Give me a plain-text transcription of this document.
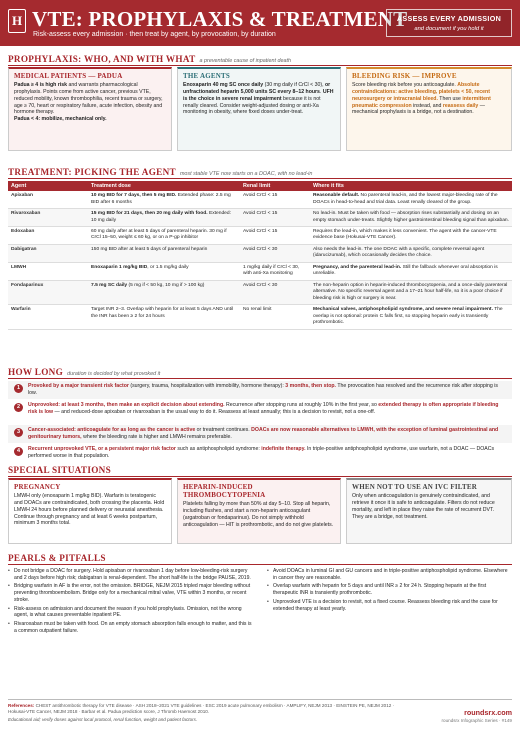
H VTE: PROPHYLAXIS & TREATMENT
Risk-assess every admission · then treat by agent, by provocation, by duration
ASSESS EVERY ADMISSION
and document if you hold it
PROPHYLAXIS: WHO, AND WITH WHAT a preventable cause of inpatient death
MEDICAL PATIENTS — PADUA
Padua ≥ 4 is high risk and warrants pharmacological prophylaxis. Points come from active cancer, previous VTE, reduced mobility, known thrombophilia, recent trauma or surgery, age ≥ 70, heart or respiratory failure, acute infection, obesity and hormone therapy.
Padua < 4: mobilize, mechanical only.
THE AGENTS
Enoxaparin 40 mg SC once daily (30 mg daily if CrCl < 30), or unfractionated heparin 5,000 units SC every 8–12 hours. UFH is the choice in severe renal impairment because it is not renally cleared. Consider weight-adjusted dosing or anti-Xa monitoring in obesity, where fixed doses under-treat.
BLEEDING RISK — IMPROVE
Score bleeding risk before you anticoagulate. Absolute contraindications: active bleeding, platelets < 50, recent neurosurgery or intracranial bleed. Then use intermittent pneumatic compression instead, and reassess daily — mechanical prophylaxis is a bridge, not a destination.
TREATMENT: PICKING THE AGENT most stable VTE now starts on a DOAC, with no lead-in
Agent	Treatment dose	Renal limit	Where it fits
Apixaban	10 mg BID for 7 days, then 5 mg BID. Extended phase: 2.5 mg BID after 6 months	Avoid CrCl < 15	Reasonable default. No parenteral lead-in, and the lowest major-bleeding rate of the DOACs in head-to-head and trial data. Least renally cleared of the group.
Rivaroxaban	15 mg BID for 21 days, then 20 mg daily with food. Extended: 10 mg daily	Avoid CrCl < 15	No lead-in. Must be taken with food — absorption rises substantially and dosing on an empty stomach under-treats. Slightly higher gastrointestinal bleeding signal than apixaban.
Edoxaban	60 mg daily after at least 5 days of parenteral heparin. 30 mg if CrCl 15–50, weight ≤ 60 kg, or on a P-gp inhibitor	Avoid CrCl < 15	Requires the lead-in, which makes it less convenient. The agent with the cancer-VTE evidence base (Hokusai-VTE Cancer).
Dabigatran	150 mg BID after at least 5 days of parenteral heparin	Avoid CrCl < 30	Also needs the lead-in. The one DOAC with a specific, complete reversal agent (idarucizumab), which occasionally decides the choice.
LMWH	Enoxaparin 1 mg/kg BID, or 1.5 mg/kg daily	1 mg/kg daily if CrCl < 30, with anti-Xa monitoring	Pregnancy, and the parenteral lead-in. Still the fallback whenever oral absorption is unreliable.
Fondaparinux	7.5 mg SC daily (5 mg if < 50 kg, 10 mg if > 100 kg)	Avoid CrCl < 30	The non-heparin option in heparin-induced thrombocytopenia, and a once-daily parenteral alternative. No specific reversal agent and a 17–21 hour half-life, so it is a poor choice if bleeding risk is high or surgery is near.
Warfarin	Target INR 2–3. Overlap with heparin for at least 5 days AND until the INR has been ≥ 2 for 24 hours	No renal limit	Mechanical valves, antiphospholipid syndrome, and severe renal impairment. The overlap is not optional: protein C falls first, so stopping heparin early is transiently prothrombotic.
HOW LONG duration is decided by what provoked it
1	Provoked by a major transient risk factor (surgery, trauma, hospitalization with immobility, hormone therapy): 3 months, then stop. The provocation has resolved and the recurrence risk after stopping is low.
2	Unprovoked: at least 3 months, then make an explicit decision about extending. Recurrence after stopping runs at roughly 10% in the first year, so extended therapy is often appropriate if bleeding risk is low — and reduced-dose apixaban or rivaroxaban is the usual way to do it. Reassess at least annually; this is a decision to revisit, not a one-off.
3	Cancer-associated: anticoagulate for as long as the cancer is active or treatment continues. DOACs are now reasonable alternatives to LMWH, with the exception of luminal gastrointestinal and genitourinary tumors, where the bleeding rate is higher and LMWH remains preferable.
4	Recurrent unprovoked VTE, or a persistent major risk factor such as antiphospholipid syndrome: indefinite therapy. In triple-positive antiphospholipid syndrome, use warfarin, not a DOAC — DOACs performed worse in that population.
SPECIAL SITUATIONS
PREGNANCY
LMWH only (enoxaparin 1 mg/kg BID). Warfarin is teratogenic and DOACs are contraindicated, both crossing the placenta. Hold LMWH 24 hours before planned delivery or neuraxial anesthesia. Continue through pregnancy and at least 6 weeks postpartum, minimum 3 months total.
HEPARIN-INDUCED THROMBOCYTOPENIA
Platelets falling by more than 50% at day 5–10. Stop all heparin, including flushes, and start a non-heparin anticoagulant (argatroban or fondaparinux). Do not simply withhold anticoagulation — HIT is prothrombotic, and do not give platelets.
WHEN NOT TO USE AN IVC FILTER
Only when anticoagulation is genuinely contraindicated, and retrieve it once it is safe to anticoagulate. Filters do not reduce mortality, and left in place they raise the rate of recurrent DVT. They are a bridge, not treatment.
PEARLS & PITFALLS
• Do not bridge a DOAC for surgery. Hold apixaban or rivaroxaban 1 day before low-bleeding-risk surgery and 2 days before high risk; dabigatran is renal-dependent. The short half-life is the bridge PAUSE, 2019.
• Bridging warfarin in AF is the error, not the omission. BRIDGE, NEJM 2015 tripled major bleeding without preventing thromboembolism. Bridge only for a mechanical mitral valve, VTE within 3 months, or recent stroke.
• Risk-assess on admission and document the reason if you hold prophylaxis. Omission, not the wrong agent, is what causes preventable inpatient PE.
• Rivaroxaban must be taken with food. On an empty stomach absorption falls enough to matter, and this is a common outpatient failure.
• Avoid DOACs in luminal GI and GU cancers and in triple-positive antiphospholipid syndrome. Elsewhere in cancer they are reasonable.
• Overlap warfarin with heparin for 5 days and until INR ≥ 2 for 24 h. Stopping heparin at the first therapeutic INR is transiently prothrombotic.
• Unprovoked VTE is a decision to revisit, not a fixed course. Reassess bleeding risk and the case for extended therapy at least yearly.
References: CHEST antithrombotic therapy for VTE disease · ASH 2018–2021 VTE guidelines · ESC 2019 acute pulmonary embolism · AMPLIFY, NEJM 2013 · EINSTEIN PE, NEJM 2012 · Hokusai-VTE Cancer, NEJM 2018 · Barbar et al. Padua prediction score, J Thromb Haemost 2010.
Educational aid; verify doses against local protocol, renal function, weight and patient factors.
roundsrx.com
roundsrx Infographic Series · #149
